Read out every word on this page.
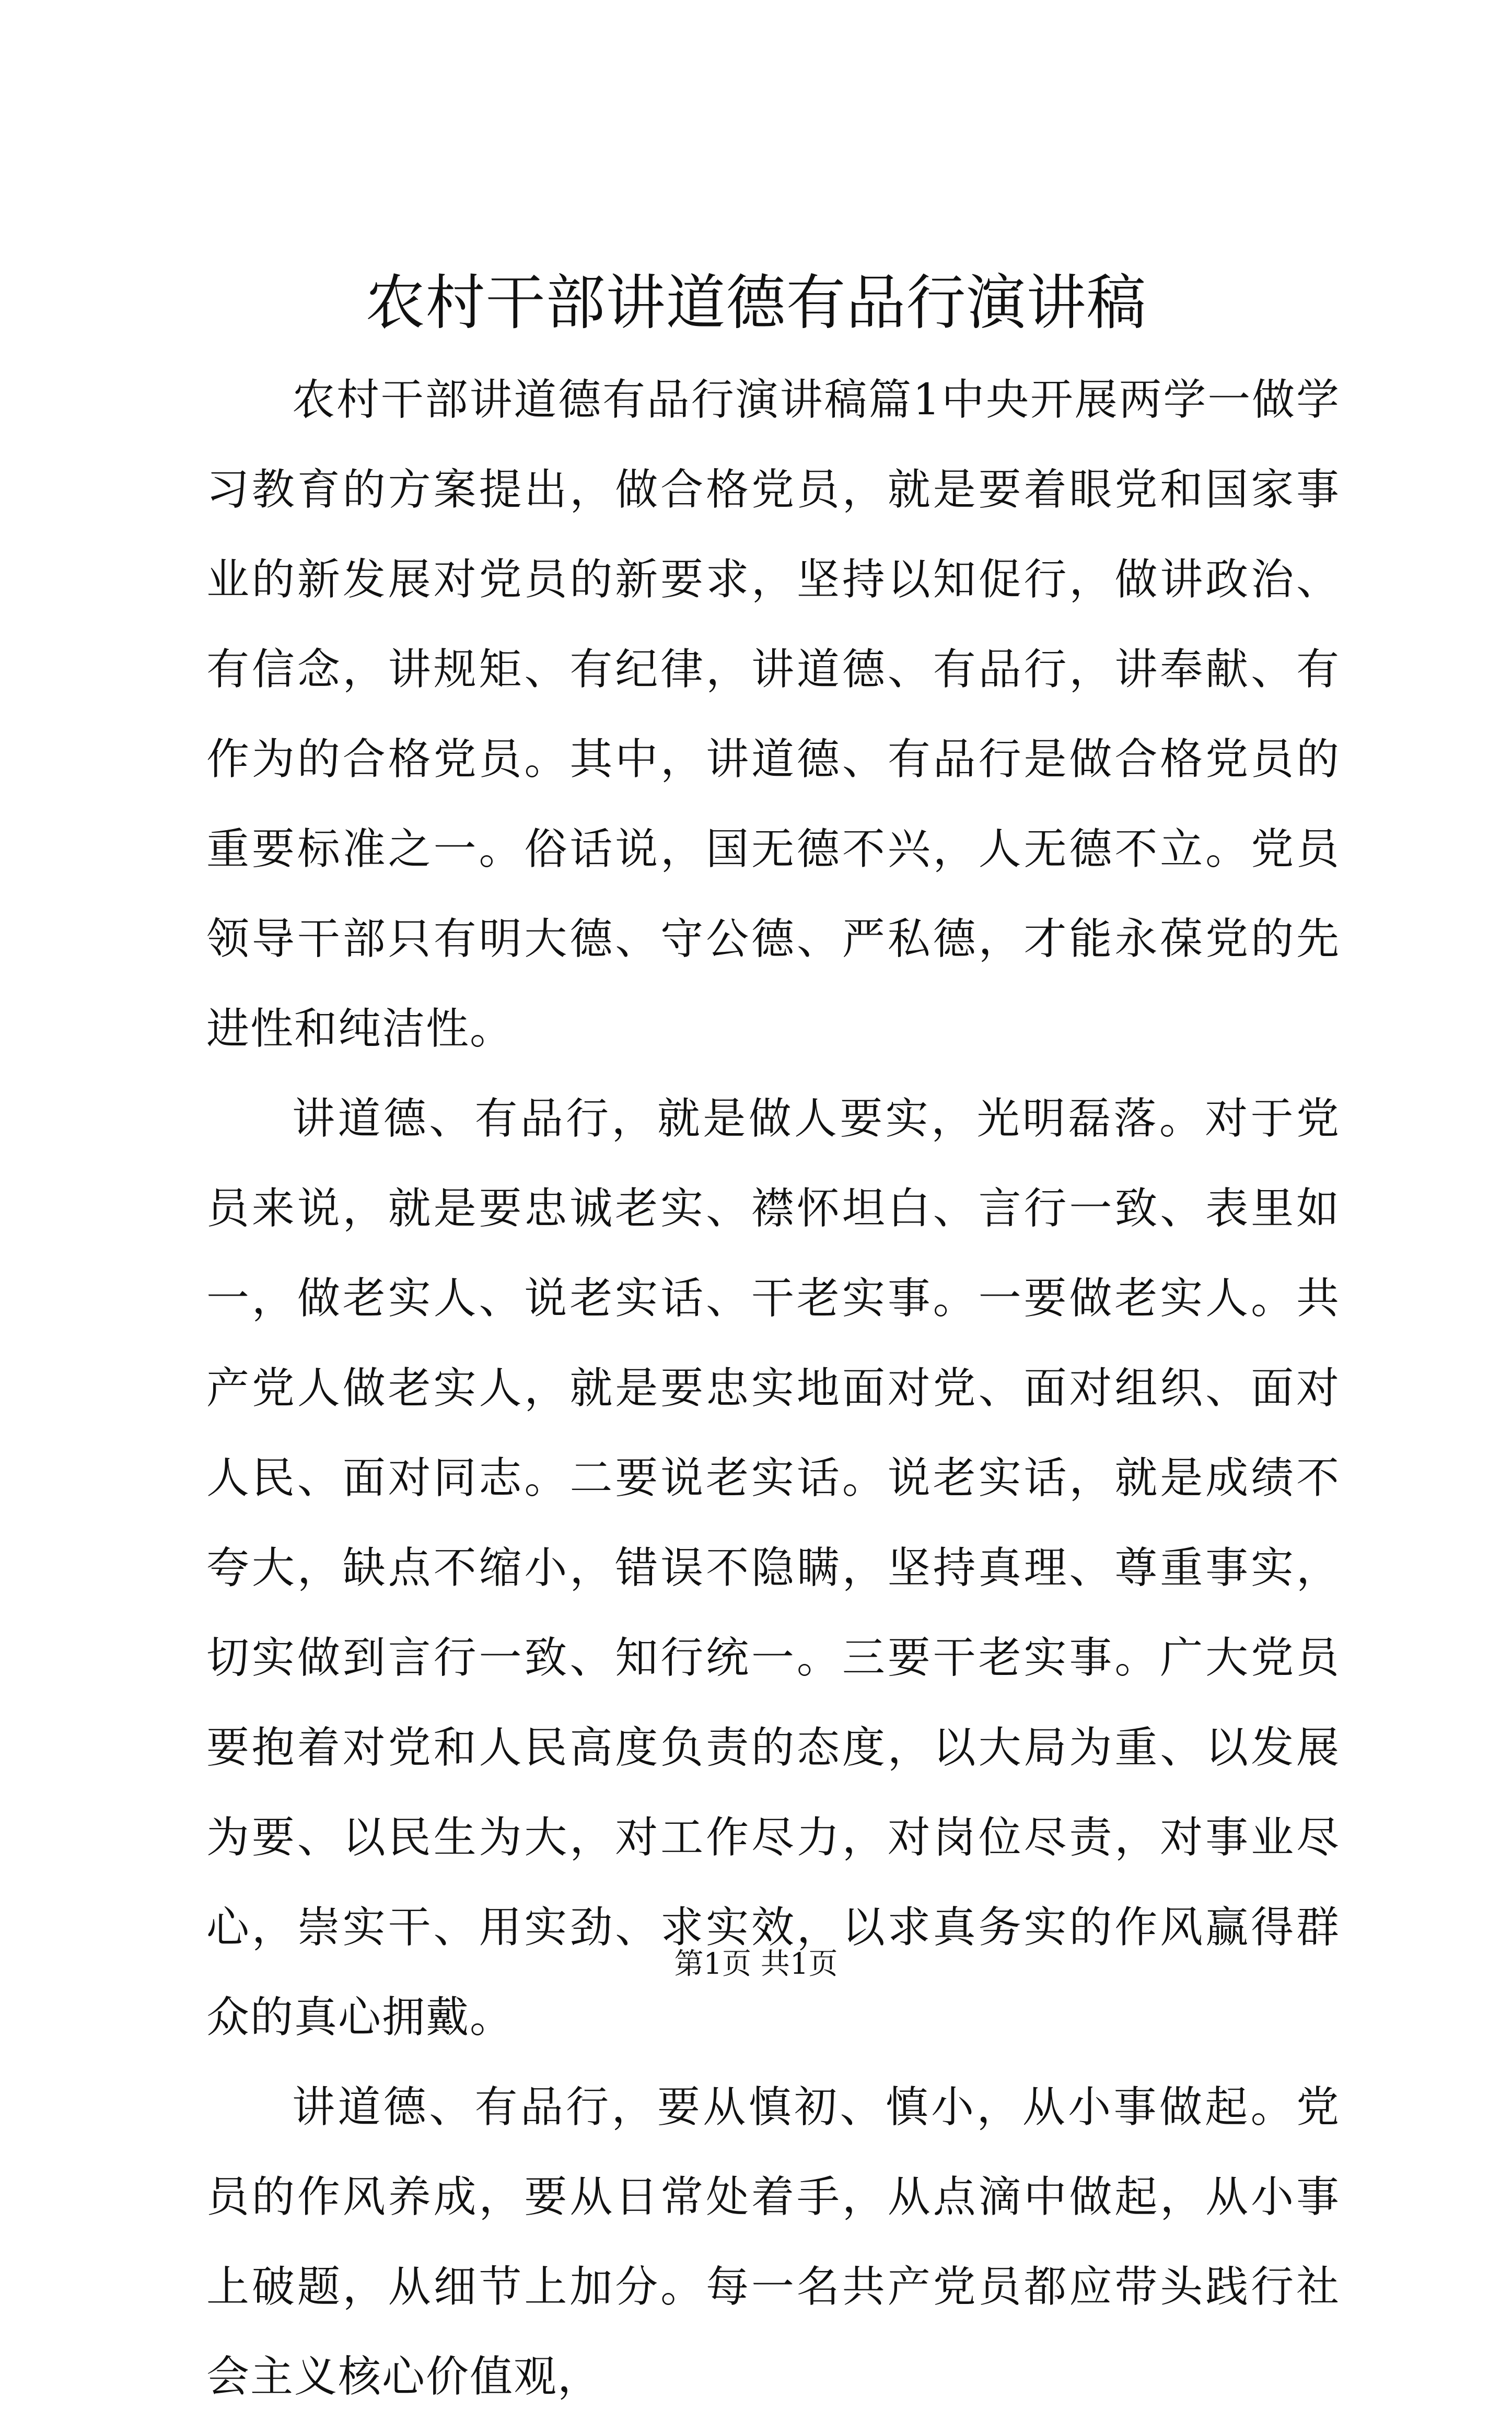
农村干部讲道德有品行演讲稿

农村干部讲道德有品行演讲稿篇1中央开展两学一做学习教育的方案提出，做合格党员，就是要着眼党和国家事业的新发展对党员的新要求，坚持以知促行，做讲政治、有信念，讲规矩、有纪律，讲道德、有品行，讲奉献、有作为的合格党员。其中，讲道德、有品行是做合格党员的重要标准之一。俗话说，国无德不兴，人无德不立。党员领导干部只有明大德、守公德、严私德，才能永葆党的先进性和纯洁性。

讲道德、有品行，就是做人要实，光明磊落。对于党员来说，就是要忠诚老实、襟怀坦白、言行一致、表里如一，做老实人、说老实话、干老实事。一要做老实人。共产党人做老实人，就是要忠实地面对党、面对组织、面对人民、面对同志。二要说老实话。说老实话，就是成绩不夸大，缺点不缩小，错误不隐瞒，坚持真理、尊重事实，切实做到言行一致、知行统一。三要干老实事。广大党员要抱着对党和人民高度负责的态度，以大局为重、以发展为要、以民生为大，对工作尽力，对岗位尽责，对事业尽心，崇实干、用实劲、求实效，以求真务实的作风赢得群众的真心拥戴。

讲道德、有品行，要从慎初、慎小，从小事做起。党员的作风养成，要从日常处着手，从点滴中做起，从小事上破题，从细节上加分。每一名共产党员都应带头践行社会主义核心价值观，

第1页 共1页
